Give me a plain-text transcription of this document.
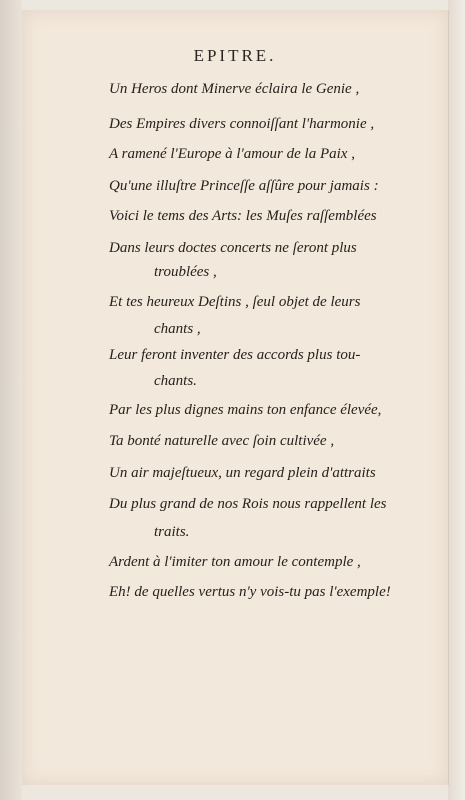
EPITRE.
Un Heros dont Minerve éclaira le Genie ,
Des Empires divers connoiſſant l'harmonie ,
A ramené l'Europe à l'amour de la Paix ,
Qu'une illuſtre Princeſſe aſſûre pour jamais :
Voici le tems des Arts: les Muſes raſſemblées
Dans leurs doctes concerts ne ſeront plus
troublées ,
Et tes heureux Deſtins , ſeul objet de leurs
chants ,
Leur feront inventer des accords plus tou-
chants.
Par les plus dignes mains ton enfance élevée,
Ta bonté naturelle avec ſoin cultivée ,
Un air majeſtueux, un regard plein d'attraits
Du plus grand de nos Rois nous rappellent les
traits.
Ardent à l'imiter ton amour le contemple ,
Eh! de quelles vertus n'y vois-tu pas l'exemple!
